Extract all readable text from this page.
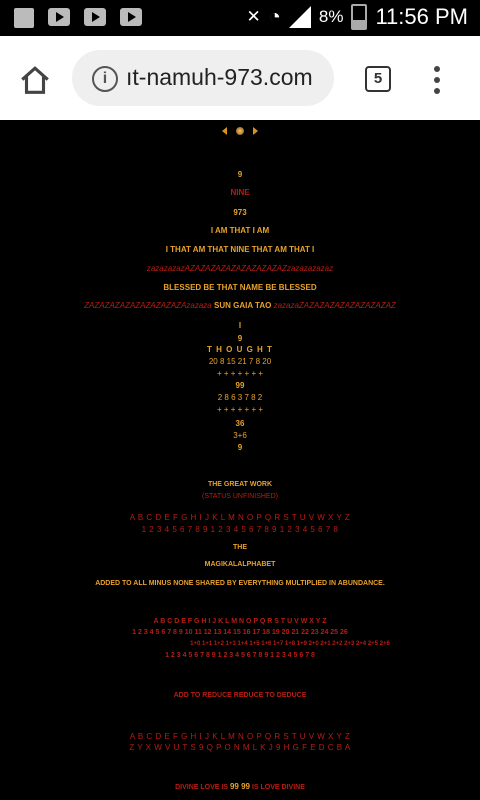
✕ ◔ 8% 11:56 PM
i ıt-namuh-973.com	5
9
NINE
973
I AM THAT I AM
I THAT AM THAT NINE THAT AM THAT I
zazazazazAZAZAZAZAZAZAZAZAZAZzazazazazaz
BLESSED BE THAT NAME BE BLESSED
ZAZAZAZAZAZAZAZAZAZAzazaza SUN GAIA TAO zazazaZAZAZAZAZAZAZAZAZAZ
I
9
T H O U G H T
20 8 15 21 7 8 20
+ + + + + + +
99
2 8 6 3 7 8 2
+ + + + + + +
36
3+6
9
THE GREAT WORK
(STATUS UNFINISHED)
A B C D E F G H I J K L M N O P Q R S T U V W X Y Z
1 2 3 4 5 6 7 8 9 1 2 3 4 5 6 7 8 9 1 2 3 4 5 6 7 8
THE
MAGIKALALPHABET
ADDED TO ALL MINUS NONE SHARED BY EVERYTHING MULTIPLIED IN ABUNDANCE.
A B C D E F G H I J K L M N O P Q R S T U V W X Y Z
1 2 3 4 5 6 7 8 9 10 11 12 13 14 15 16 17 18 19 20 21 22 23 24 25 26
1+0 1+1 1+2 1+3 1+4 1+5 1+6 1+7 1+8 1+9 2+0 2+1 2+2 2+3 2+4 2+5 2+6
1 2 3 4 5 6 7 8 9 1 2 3 4 5 6 7 8 9 1 2 3 4 5 6 7 8
ADD TO REDUCE REDUCE TO DEDUCE
A B C D E F G H I J K L M N O P Q R S T U V W X Y Z
Z Y X W V U T S 9 Q P O N M L K J 9 H G F E D C B A
DIVINE LOVE IS 99 99 IS LOVE DIVINE
